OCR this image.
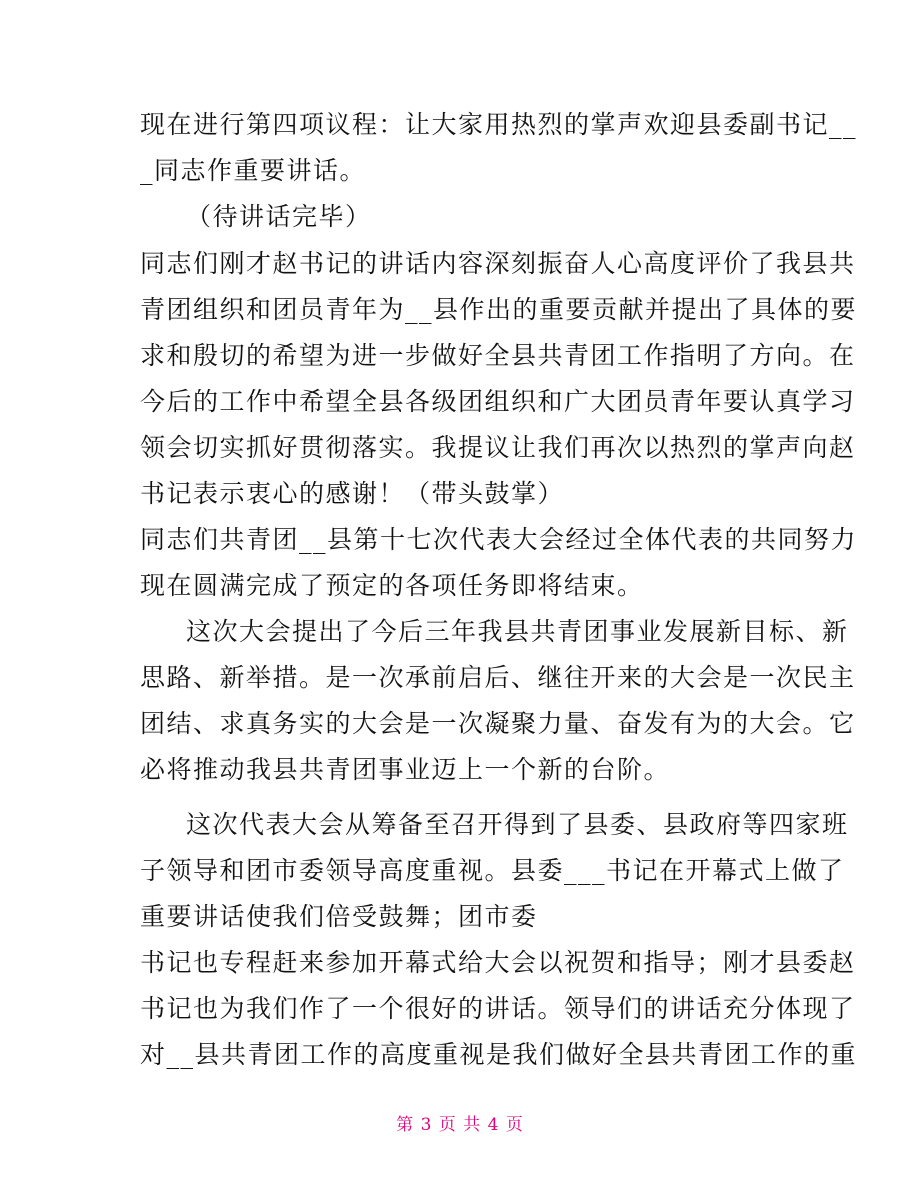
现在进行第四项议程：让大家用热烈的掌声欢迎县委副书记__
_同志作重要讲话。
（待讲话完毕）
同志们刚才赵书记的讲话内容深刻振奋人心高度评价了我县共
青团组织和团员青年为__县作出的重要贡献并提出了具体的要
求和殷切的希望为进一步做好全县共青团工作指明了方向。在
今后的工作中希望全县各级团组织和广大团员青年要认真学习
领会切实抓好贯彻落实。我提议让我们再次以热烈的掌声向赵
书记表示衷心的感谢！（带头鼓掌）
同志们共青团__县第十七次代表大会经过全体代表的共同努力
现在圆满完成了预定的各项任务即将结束。
这次大会提出了今后三年我县共青团事业发展新目标、新
思路、新举措。是一次承前启后、继往开来的大会是一次民主
团结、求真务实的大会是一次凝聚力量、奋发有为的大会。它
必将推动我县共青团事业迈上一个新的台阶。
这次代表大会从筹备至召开得到了县委、县政府等四家班
子领导和团市委领导高度重视。县委___书记在开幕式上做了
重要讲话使我们倍受鼓舞；团市委
书记也专程赶来参加开幕式给大会以祝贺和指导；刚才县委赵
书记也为我们作了一个很好的讲话。领导们的讲话充分体现了
对__县共青团工作的高度重视是我们做好全县共青团工作的重
第 3 页 共 4 页
